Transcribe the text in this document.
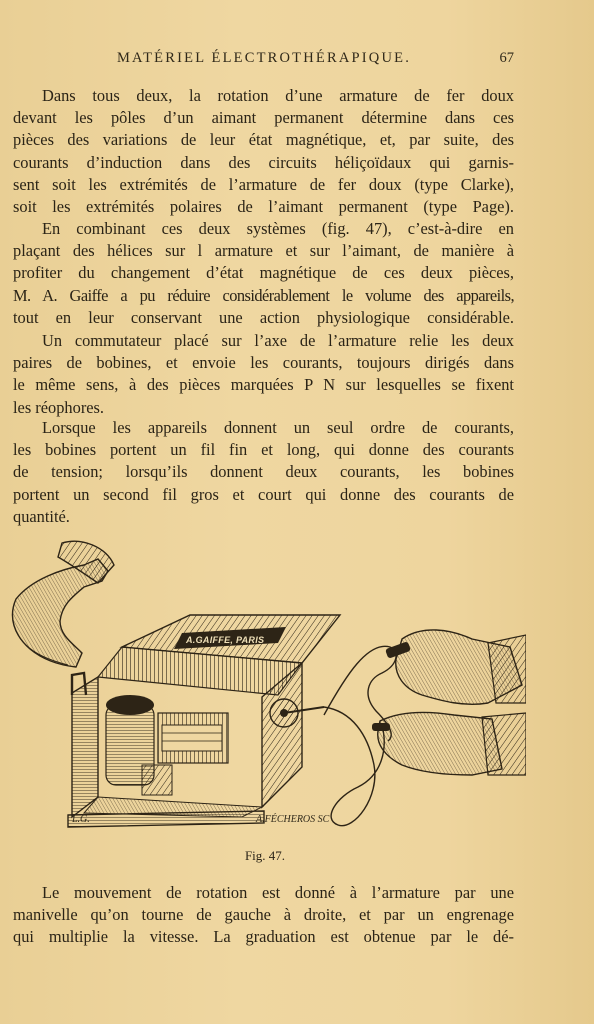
MATÉRIEL ÉLECTROTHÉRAPIQUE.	67
Dans tous deux, la rotation d’une armature de fer doux
devant les pôles d’un aimant permanent détermine dans ces
pièces des variations de leur état magnétique, et, par suite, des
courants d’induction dans des circuits héliçoïdaux qui garnis-
sent soit les extrémités de l’armature de fer doux (type Clarke),
soit les extrémités polaires de l’aimant permanent (type Page).
En combinant ces deux systèmes (fig. 47), c’est-à-dire en
plaçant des hélices sur l armature et sur l’aimant, de manière à
profiter du changement d’état magnétique de ces deux pièces,
M. A. Gaiffe a pu réduire considérablement le volume des appareils,
tout en leur conservant une action physiologique considérable.
Un commutateur placé sur l’axe de l’armature relie les deux
paires de bobines, et envoie les courants, toujours dirigés dans
le même sens, à des pièces marquées P N sur lesquelles se fixent
les réophores.
Lorsque les appareils donnent un seul ordre de courants,
les bobines portent un fil fin et long, qui donne des courants
de tension; lorsqu’ils donnent deux courants, les bobines
portent un second fil gros et court qui donne des courants de
quantité.
A.GAIFFE, PARIS
L.G.	A.FÉCHEROS SC
Fig. 47.
Le mouvement de rotation est donné à l’armature par une
manivelle qu’on tourne de gauche à droite, et par un engrenage
qui multiplie la vitesse. La graduation est obtenue par le dé-
